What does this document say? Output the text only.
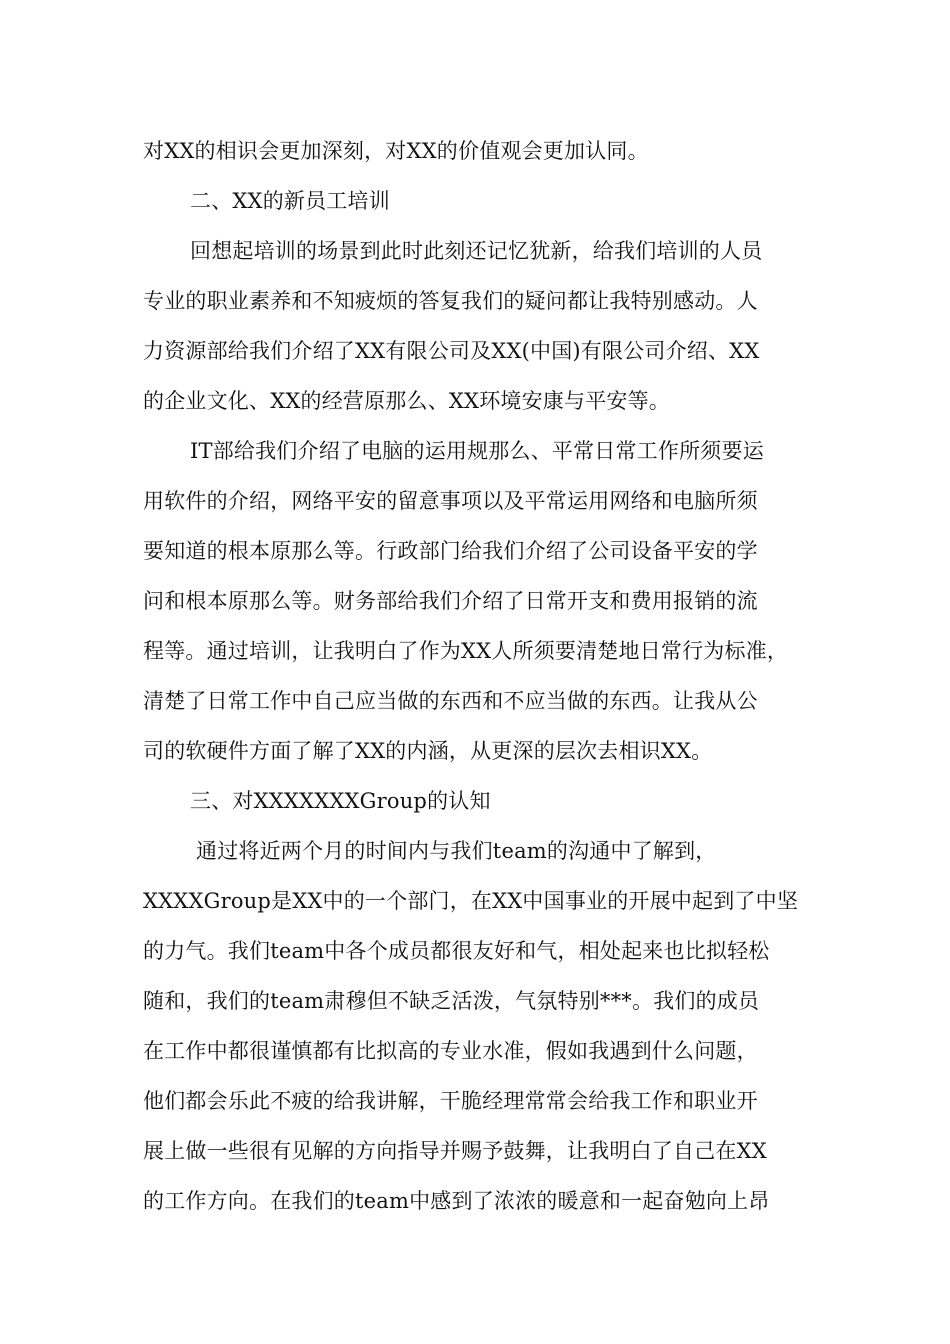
对XX的相识会更加深刻，对XX的价值观会更加认同。
二、XX的新员工培训
回想起培训的场景到此时此刻还记忆犹新，给我们培训的人员
专业的职业素养和不知疲烦的答复我们的疑问都让我特别感动。人
力资源部给我们介绍了XX有限公司及XX(中国)有限公司介绍、XX
的企业文化、XX的经营原那么、XX环境安康与平安等。
IT部给我们介绍了电脑的运用规那么、平常日常工作所须要运
用软件的介绍，网络平安的留意事项以及平常运用网络和电脑所须
要知道的根本原那么等。行政部门给我们介绍了公司设备平安的学
问和根本原那么等。财务部给我们介绍了日常开支和费用报销的流
程等。通过培训，让我明白了作为XX人所须要清楚地日常行为标准，
清楚了日常工作中自己应当做的东西和不应当做的东西。让我从公
司的软硬件方面了解了XX的内涵，从更深的层次去相识XX。
三、对XXXXXXXGroup的认知
通过将近两个月的时间内与我们team的沟通中了解到，
XXXXGroup是XX中的一个部门，在XX中国事业的开展中起到了中坚
的力气。我们team中各个成员都很友好和气，相处起来也比拟轻松
随和，我们的team肃穆但不缺乏活泼，气氛特别***。我们的成员
在工作中都很谨慎都有比拟高的专业水准，假如我遇到什么问题，
他们都会乐此不疲的给我讲解，干脆经理常常会给我工作和职业开
展上做一些很有见解的方向指导并赐予鼓舞，让我明白了自己在XX
的工作方向。在我们的team中感到了浓浓的暖意和一起奋勉向上昂
